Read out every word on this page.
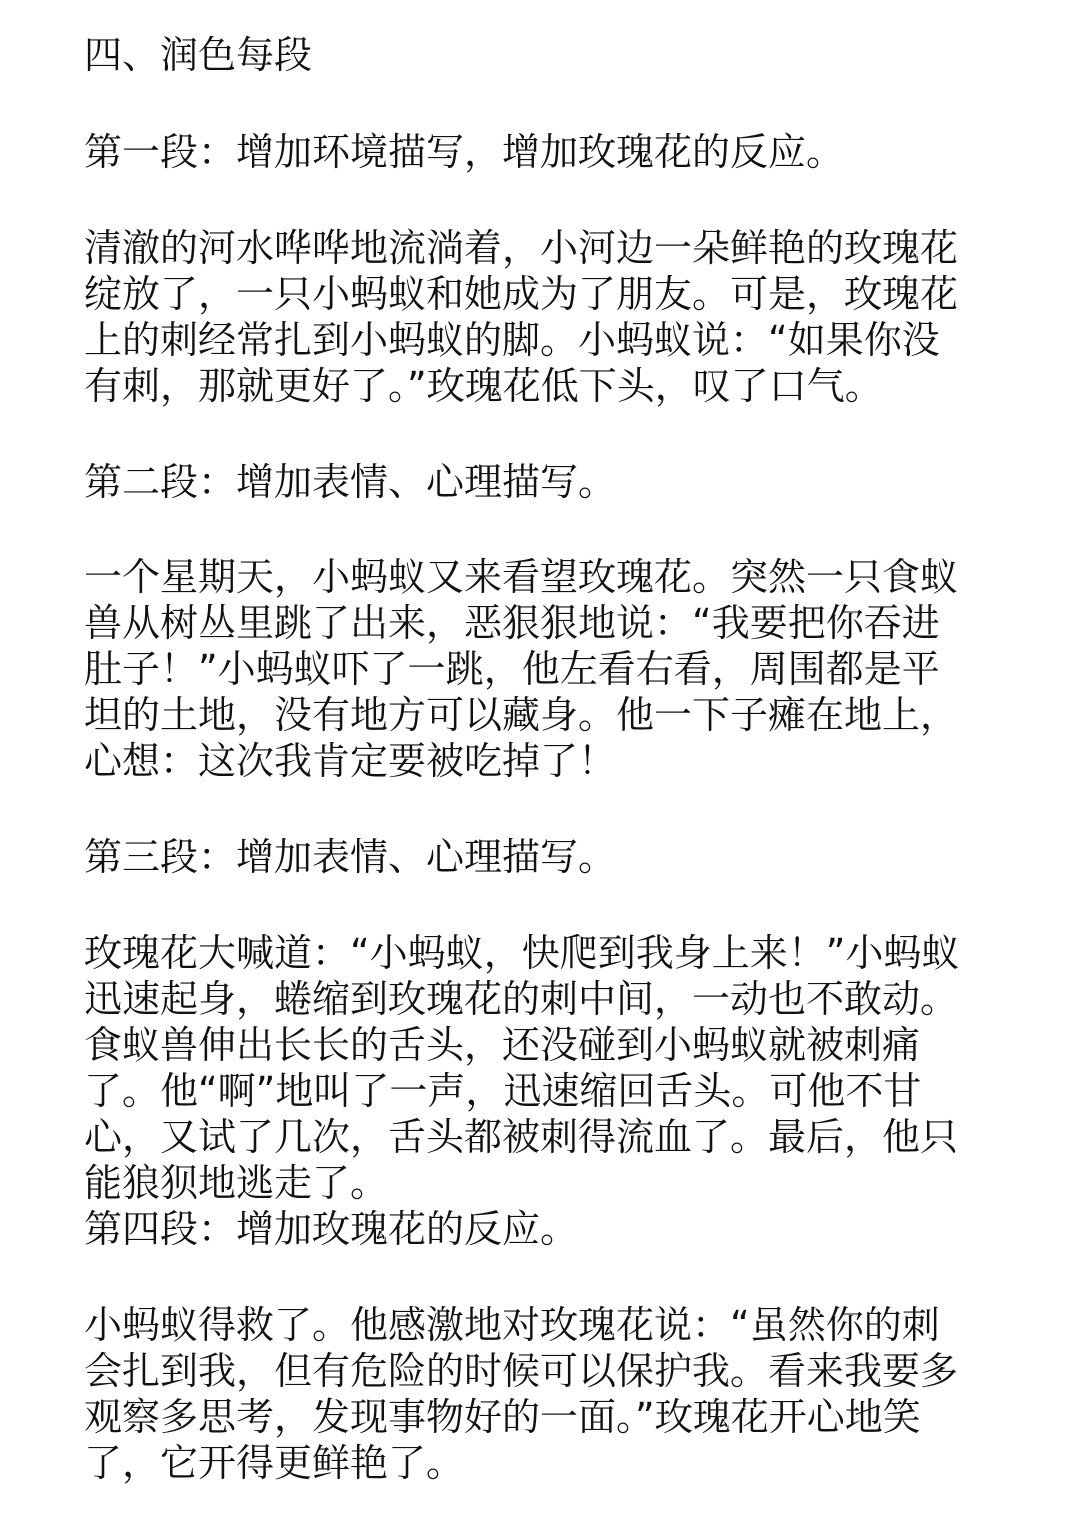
四、润色每段
第一段：增加环境描写，增加玫瑰花的反应。
清澈的河水哗哗地流淌着，小河边一朵鲜艳的玫瑰花
绽放了，一只小蚂蚁和她成为了朋友。可是，玫瑰花
上的刺经常扎到小蚂蚁的脚。小蚂蚁说：“如果你没
有刺，那就更好了。”玫瑰花低下头，叹了口气。
第二段：增加表情、心理描写。
一个星期天，小蚂蚁又来看望玫瑰花。突然一只食蚁
兽从树丛里跳了出来，恶狠狠地说：“我要把你吞进
肚子！”小蚂蚁吓了一跳，他左看右看，周围都是平
坦的土地，没有地方可以藏身。他一下子瘫在地上，
心想：这次我肯定要被吃掉了！
第三段：增加表情、心理描写。
玫瑰花大喊道：“小蚂蚁，快爬到我身上来！”小蚂蚁
迅速起身，蜷缩到玫瑰花的刺中间，一动也不敢动。
食蚁兽伸出长长的舌头，还没碰到小蚂蚁就被刺痛
了。他“啊”地叫了一声，迅速缩回舌头。可他不甘
心，又试了几次，舌头都被刺得流血了。最后，他只
能狼狈地逃走了。
第四段：增加玫瑰花的反应。
小蚂蚁得救了。他感激地对玫瑰花说：“虽然你的刺
会扎到我，但有危险的时候可以保护我。看来我要多
观察多思考，发现事物好的一面。”玫瑰花开心地笑
了，它开得更鲜艳了。
